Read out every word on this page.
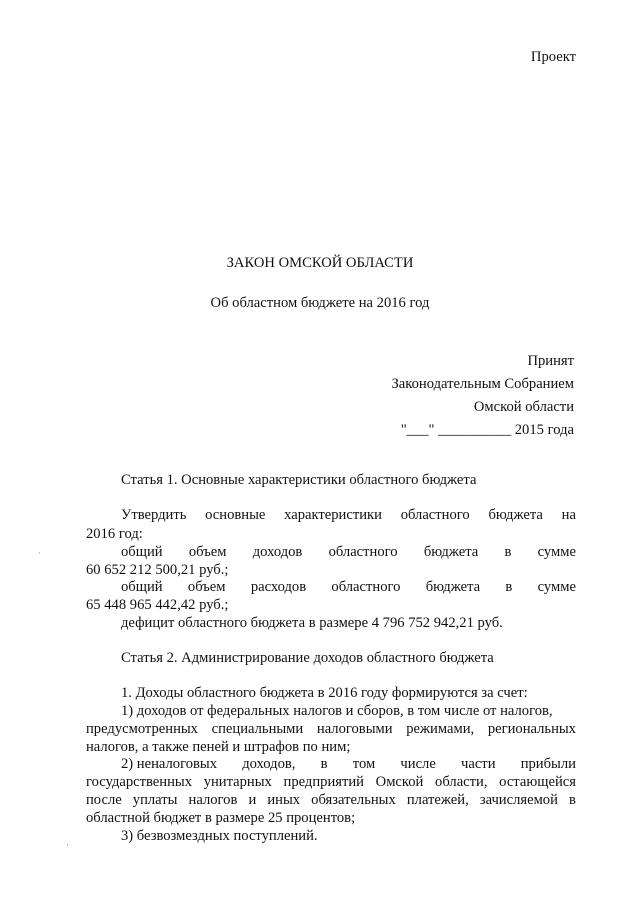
Проект
ЗАКОН ОМСКОЙ ОБЛАСТИ
Об областном бюджете на 2016 год
Принят
Законодательным Собранием
Омской области
"___" __________ 2015 года
Статья 1. Основные характеристики областного бюджета
Утвердить основные характеристики областного бюджета на
2016 год:
общий объем доходов областного бюджета в сумме
60 652 212 500,21 руб.;
общий объем расходов областного бюджета в сумме
65 448 965 442,42 руб.;
дефицит областного бюджета в размере 4 796 752 942,21 руб.
Статья 2. Администрирование доходов областного бюджета
1. Доходы областного бюджета в 2016 году формируются за счет:
1) доходов от федеральных налогов и сборов, в том числе от налогов,
предусмотренных специальными налоговыми режимами, региональных
налогов, а также пеней и штрафов по ним;
2) неналоговых доходов, в том числе части прибыли
государственных унитарных предприятий Омской области, остающейся
после уплаты налогов и иных обязательных платежей, зачисляемой в
областной бюджет в размере 25 процентов;
3) безвозмездных поступлений.
·
·
